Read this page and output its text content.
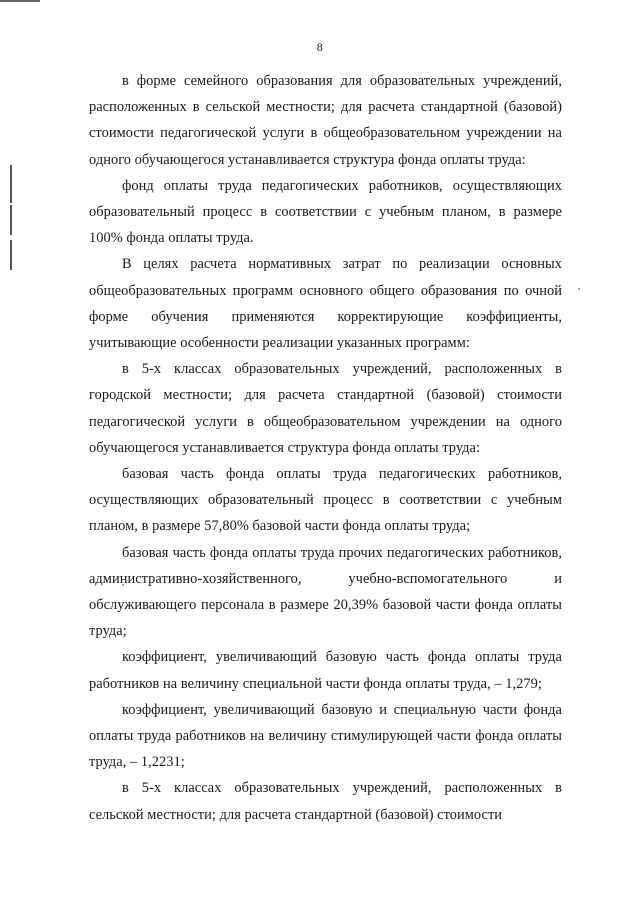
8

в форме семейного образования для образовательных учреждений, расположенных в сельской местности; для расчета стандартной (базовой) стоимости педагогической услуги в общеобразовательном учреждении на одного обучающегося устанавливается структура фонда оплаты труда:

фонд оплаты труда педагогических работников, осуществляющих образовательный процесс в соответствии с учебным планом, в размере 100% фонда оплаты труда.

В целях расчета нормативных затрат по реализации основных общеобразовательных программ основного общего образования по очной форме обучения применяются корректирующие коэффициенты, учитывающие особенности реализации указанных программ:

в 5-х классах образовательных учреждений, расположенных в городской местности; для расчета стандартной (базовой) стоимости педагогической услуги в общеобразовательном учреждении на одного обучающегося устанавливается структура фонда оплаты труда:

базовая часть фонда оплаты труда педагогических работников, осуществляющих образовательный процесс в соответствии с учебным планом, в размере 57,80% базовой части фонда оплаты труда;

базовая часть фонда оплаты труда прочих педагогических работников, административно-хозяйственного, учебно-вспомогательного и обслуживающего персонала в размере 20,39% базовой части фонда оплаты труда;

коэффициент, увеличивающий базовую часть фонда оплаты труда работников на величину специальной части фонда оплаты труда, – 1,279;

коэффициент, увеличивающий базовую и специальную части фонда оплаты труда работников на величину стимулирующей части фонда оплаты труда, – 1,2231;

в 5-х классах образовательных учреждений, расположенных в сельской местности; для расчета стандартной (базовой) стоимости
